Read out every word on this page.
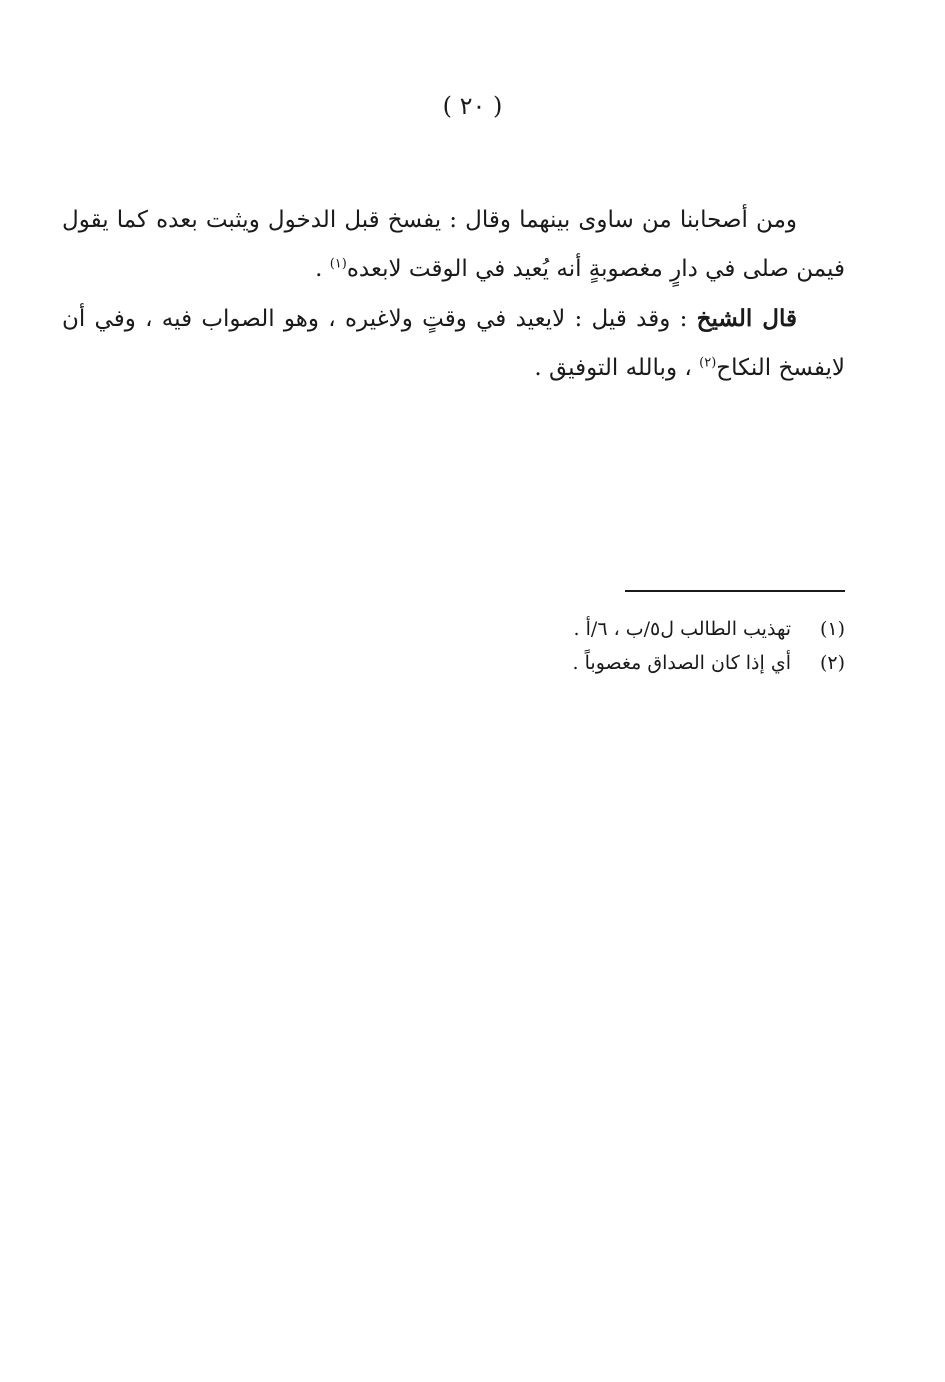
( ٢٠ )

ومن أصحابنا من ساوى بينهما وقال : يفسخ قبل الدخول ويثبت بعده كما يقول فيمن صلى في دارٍ مغصوبةٍ أنه يُعيد في الوقت لابعده$^{(١)}$ .

قال الشيخ : وقد قيل : لايعيد في وقتٍ ولاغيره ، وهو الصواب فيه ، وفي أن لايفسخ النكاح$^{(٢)}$ ، وبالله التوفيق .

(١)
تهذيب الطالب ل٥/ب ، ٦/أ .
(٢)
أي إذا كان الصداق مغصوباً .
